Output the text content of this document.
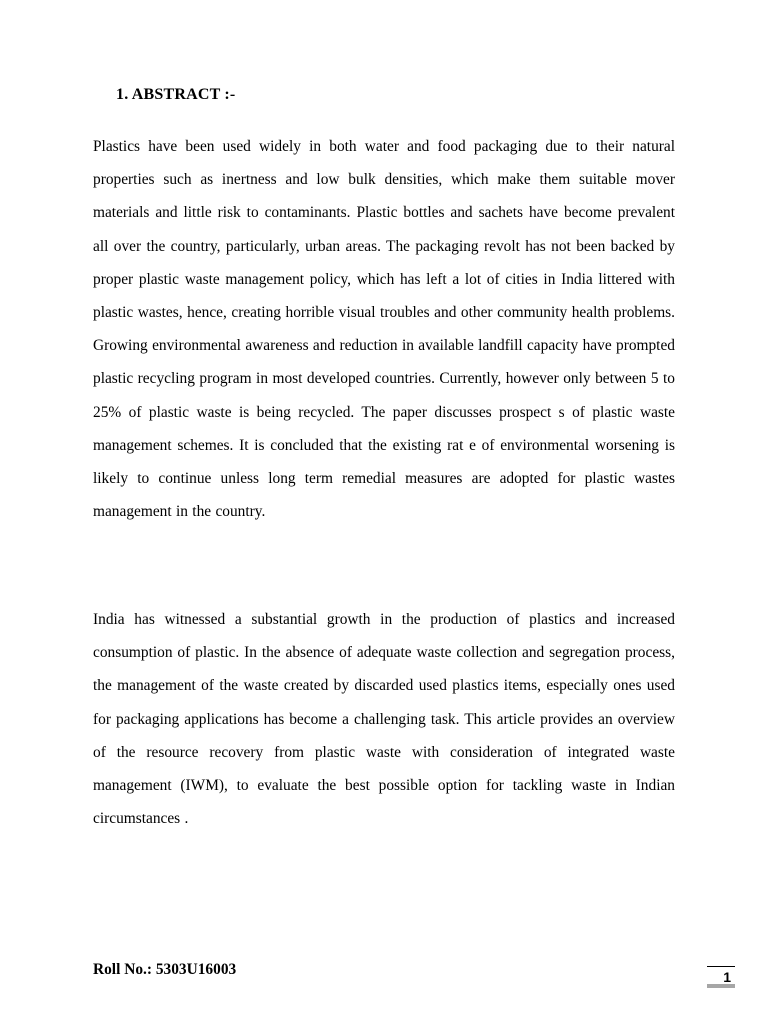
1. ABSTRACT :-

Plastics have been used widely in both water and food packaging due to their natural properties such as inertness and low bulk densities, which make them suitable mover materials and little risk to contaminants. Plastic bottles and sachets have become prevalent all over the country, particularly, urban areas. The packaging revolt has not been backed by proper plastic waste management policy, which has left a lot of cities in India littered with plastic wastes, hence, creating horrible visual troubles and other community health problems. Growing environmental awareness and reduction in available landfill capacity have prompted plastic recycling program in most developed countries. Currently, however only between 5 to 25% of plastic waste is being recycled. The paper discusses prospect s of plastic waste management schemes. It is concluded that the existing rat e of environmental worsening is likely to continue unless long term remedial measures are adopted for plastic wastes management in the country.

India has witnessed a substantial growth in the production of plastics and increased consumption of plastic. In the absence of adequate waste collection and segregation process, the management of the waste created by discarded used plastics items, especially ones used for packaging applications has become a challenging task. This article provides an overview of the resource recovery from plastic waste with consideration of integrated waste management (IWM), to evaluate the best possible option for tackling waste in Indian circumstances .

Roll No.: 5303U16003	1
